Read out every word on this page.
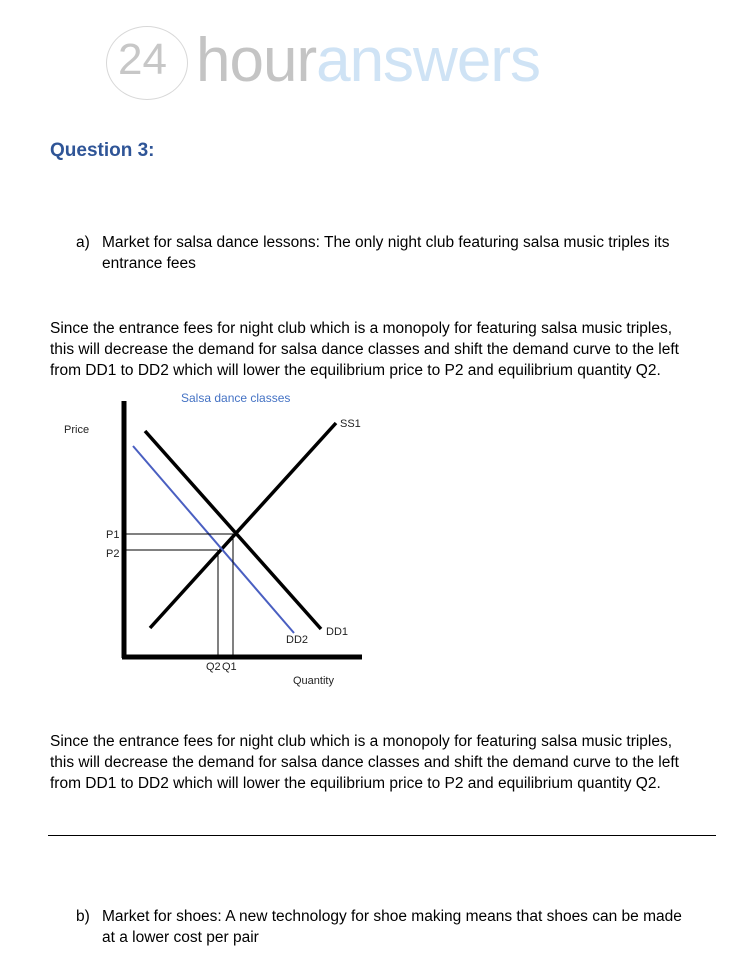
24 houranswers
Question 3:
a) Market for salsa dance lessons: The only night club featuring salsa music triples its
entrance fees
Since the entrance fees for night club which is a monopoly for featuring salsa music triples,
this will decrease the demand for salsa dance classes and shift the demand curve to the left
from DD1 to DD2 which will lower the equilibrium price to P2 and equilibrium quantity Q2.
Salsa dance classes
Price
Quantity
P1
P2
Q2 Q1
SS1
DD1
DD2
Since the entrance fees for night club which is a monopoly for featuring salsa music triples,
this will decrease the demand for salsa dance classes and shift the demand curve to the left
from DD1 to DD2 which will lower the equilibrium price to P2 and equilibrium quantity Q2.
b) Market for shoes: A new technology for shoe making means that shoes can be made
at a lower cost per pair
